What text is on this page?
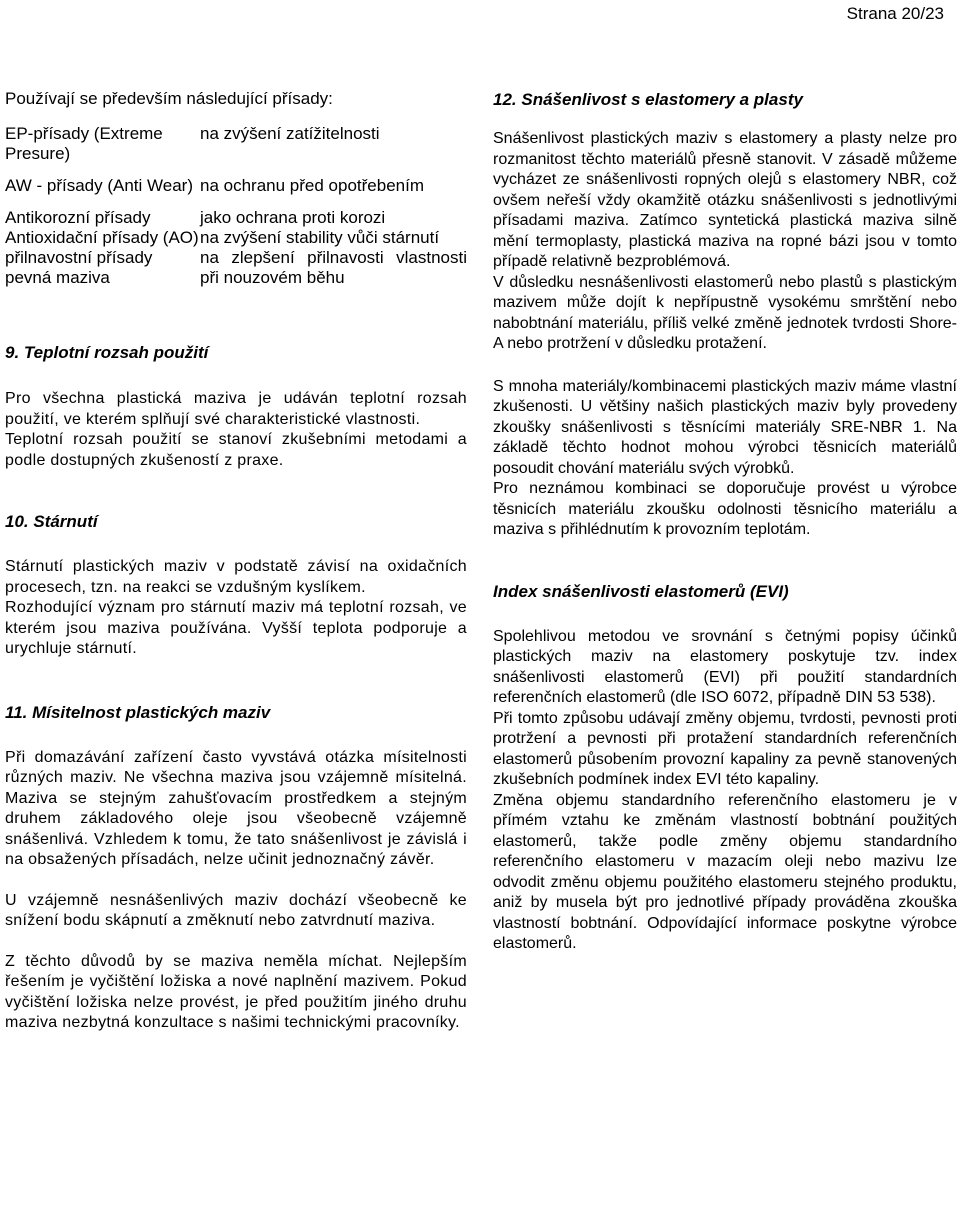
Strana 20/23

Používají se především následující přísady:

EP-přísady (Extreme Presure)
na zvýšení zatížitelnosti
AW - přísady (Anti Wear) na ochranu před opotřebením
Antikorozní přísady	jako ochrana proti korozi
Antioxidační přísady (AO) na zvýšení stability vůči stárnutí
přilnavostní přísady pevná maziva
na zlepšení přilnavosti vlastnosti při nouzovém běhu
9. Teplotní rozsah použití

Pro všechna plastická maziva je udáván teplotní rozsah použití, ve kterém splňují své charakteristické vlastnosti.

Teplotní rozsah použití se stanoví zkušebními metodami a podle dostupných zkušeností z praxe.

10. Stárnutí

Stárnutí plastických maziv v podstatě závisí na oxidačních procesech, tzn. na reakci se vzdušným kyslíkem.

Rozhodující význam pro stárnutí maziv má teplotní rozsah, ve kterém jsou maziva používána. Vyšší teplota podporuje a urychluje stárnutí.

11. Mísitelnost plastických maziv

Při domazávání zařízení často vyvstává otázka mísitelnosti různých maziv. Ne všechna maziva jsou vzájemně mísitelná. Maziva se stejným zahušťovacím prostředkem a stejným druhem základového oleje jsou všeobecně vzájemně snášenlivá. Vzhledem k tomu, že tato snášenlivost je závislá i na obsažených přísadách, nelze učinit jednoznačný závěr.

U vzájemně nesnášenlivých maziv dochází všeobecně ke snížení bodu skápnutí a změknutí nebo zatvrdnutí maziva.

Z těchto důvodů by se maziva neměla míchat. Nejlepším řešením je vyčištění ložiska a nové naplnění mazivem. Pokud vyčištění ložiska nelze provést, je před použitím jiného druhu maziva nezbytná konzultace s našimi technickými pracovníky.

12. Snášenlivost s elastomery a plasty

Snášenlivost plastických maziv s elastomery a plasty nelze pro rozmanitost těchto materiálů přesně stanovit. V zásadě můžeme vycházet ze snášenlivosti ropných olejů s elastomery NBR, což ovšem neřeší vždy okamžitě otázku snášenlivosti s jednotlivými přísadami maziva. Zatímco syntetická plastická maziva silně mění termoplasty, plastická maziva na ropné bázi jsou v tomto případě relativně bezproblémová.

V důsledku nesnášenlivosti elastomerů nebo plastů s plastickým mazivem může dojít k nepřípustně vysokému smrštění nebo nabobtnání materiálu, příliš velké změně jednotek tvrdosti Shore-A nebo protržení v důsledku protažení.

S mnoha materiály/kombinacemi plastických maziv máme vlastní zkušenosti. U většiny našich plastických maziv byly provedeny zkoušky snášenlivosti s těsnícími materiály SRE-NBR 1. Na základě těchto hodnot mohou výrobci těsnicích materiálů posoudit chování materiálu svých výrobků.

Pro neznámou kombinaci se doporučuje provést u výrobce těsnicích materiálu zkoušku odolnosti těsnicího materiálu a maziva s přihlédnutím k provozním teplotám.

Index snášenlivosti elastomerů (EVI)

Spolehlivou metodou ve srovnání s četnými popisy účinků plastických maziv na elastomery poskytuje tzv. index snášenlivosti elastomerů (EVI) při použití standardních referenčních elastomerů (dle ISO 6072, případně DIN 53 538).

Při tomto způsobu udávají změny objemu, tvrdosti, pevnosti proti protržení a pevnosti při protažení standardních referenčních elastomerů působením provozní kapaliny za pevně stanovených zkušebních podmínek index EVI této kapaliny.

Změna objemu standardního referenčního elastomeru je v přímém vztahu ke změnám vlastností bobtnání použitých elastomerů, takže podle změny objemu standardního referenčního elastomeru v mazacím oleji nebo mazivu lze odvodit změnu objemu použitého elastomeru stejného produktu, aniž by musela být pro jednotlivé případy prováděna zkouška vlastností bobtnání. Odpovídající informace poskytne výrobce elastomerů.
